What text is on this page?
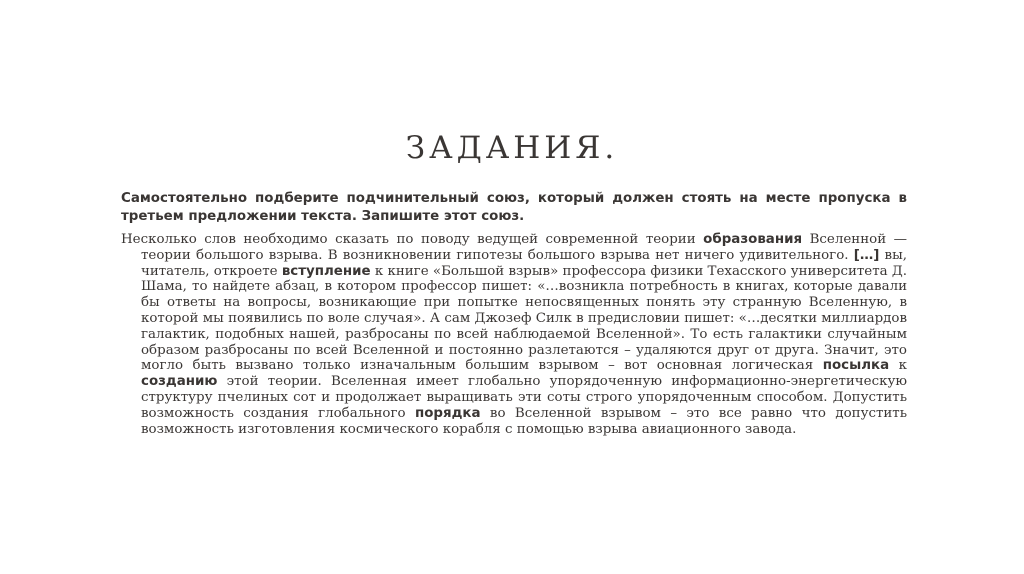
ЗАДАНИЯ.
Самостоятельно подберите подчинительный союз, который должен стоять на месте пропуска в третьем предложении текста. Запишите этот союз.

Несколько слов необходимо сказать по поводу ведущей современной теории образования Вселенной — теории большого взрыва. В возникновении гипотезы большого взрыва нет ничего удивительного. […] вы, читатель, откроете вступление к книге «Большой взрыв» профессора физики Техасского университета Д. Шама, то найдете абзац, в котором профессор пишет: «…возникла потребность в книгах, которые давали бы ответы на вопросы, возникающие при попытке непосвященных понять эту странную Вселенную, в которой мы появились по воле случая». А сам Джозеф Силк в предисловии пишет: «…десятки миллиардов галактик, подобных нашей, разбросаны по всей наблюдаемой Вселенной». То есть галактики случайным образом разбросаны по всей Вселенной и постоянно разлетаются – удаляются друг от друга. Значит, это могло быть вызвано только изначальным большим взрывом – вот основная логическая посылка к созданию этой теории. Вселенная имеет глобально упорядоченную информационно-энергетическую структуру пчелиных сот и продолжает выращивать эти соты строго упорядоченным способом. Допустить возможность создания глобального порядка во Вселенной взрывом – это все равно что допустить возможность изготовления космического корабля с помощью взрыва авиационного завода.
